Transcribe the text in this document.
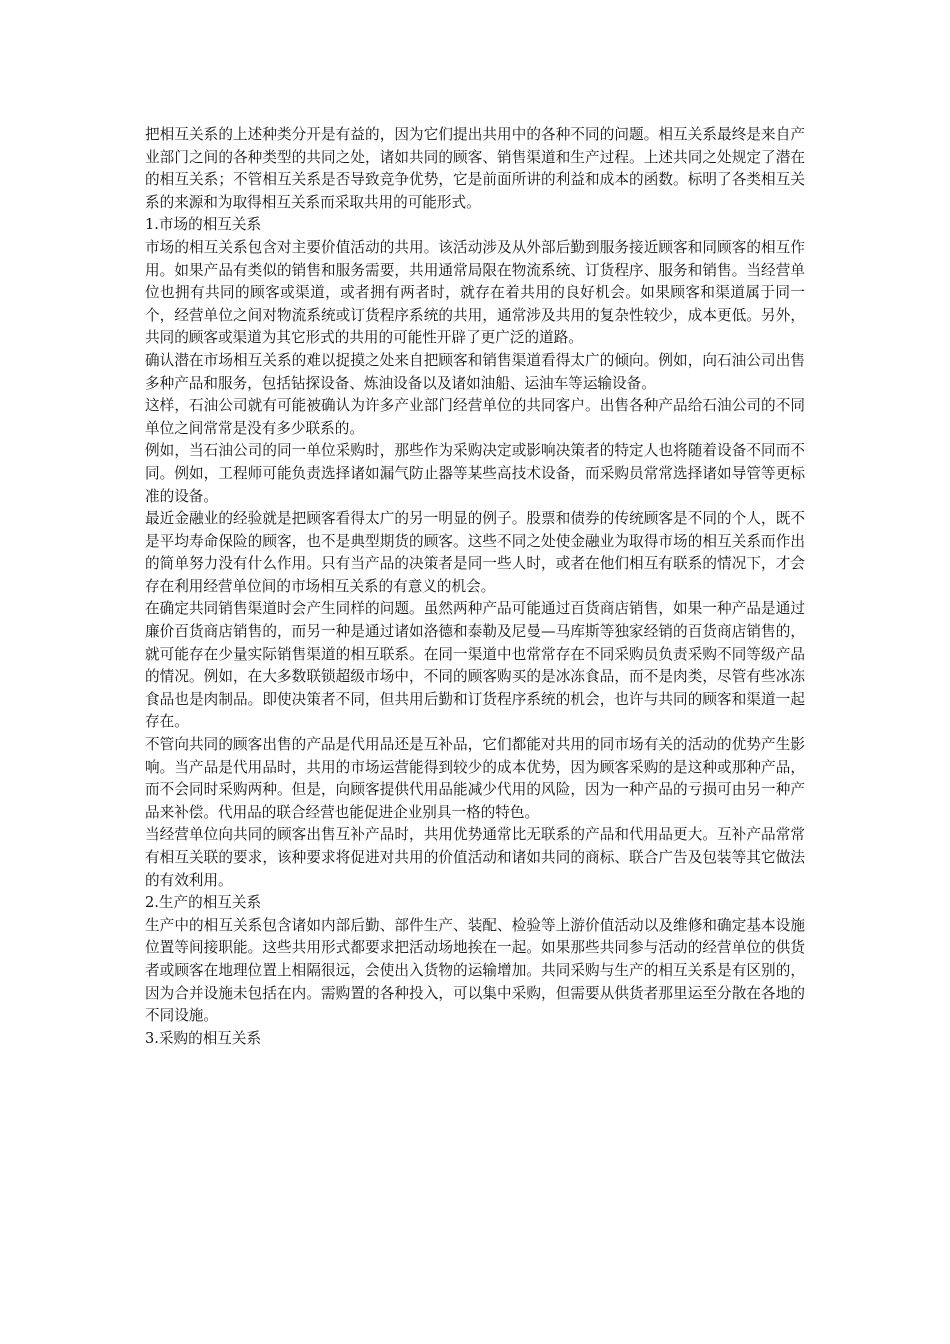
把相互关系的上述种类分开是有益的，因为它们提出共用中的各种不同的问题。相互关系最终是来自产业部门之间的各种类型的共同之处，诸如共同的顾客、销售渠道和生产过程。上述共同之处规定了潜在的相互关系；不管相互关系是否导致竞争优势，它是前面所讲的利益和成本的函数。标明了各类相互关系的来源和为取得相互关系而采取共用的可能形式。

1.市场的相互关系

市场的相互关系包含对主要价值活动的共用。该活动涉及从外部后勤到服务接近顾客和同顾客的相互作用。如果产品有类似的销售和服务需要，共用通常局限在物流系统、订货程序、服务和销售。当经营单位也拥有共同的顾客或渠道，或者拥有两者时，就存在着共用的良好机会。如果顾客和渠道属于同一个，经营单位之间对物流系统或订货程序系统的共用，通常涉及共用的复杂性较少，成本更低。另外，共同的顾客或渠道为其它形式的共用的可能性开辟了更广泛的道路。

确认潜在市场相互关系的难以捉摸之处来自把顾客和销售渠道看得太广的倾向。例如，向石油公司出售多种产品和服务，包括钻探设备、炼油设备以及诸如油船、运油车等运输设备。

这样，石油公司就有可能被确认为许多产业部门经营单位的共同客户。出售各种产品给石油公司的不同单位之间常常是没有多少联系的。

例如，当石油公司的同一单位采购时，那些作为采购决定或影响决策者的特定人也将随着设备不同而不同。例如，工程师可能负责选择诸如漏气防止器等某些高技术设备，而采购员常常选择诸如导管等更标准的设备。

最近金融业的经验就是把顾客看得太广的另一明显的例子。股票和债券的传统顾客是不同的个人，既不是平均寿命保险的顾客，也不是典型期货的顾客。这些不同之处使金融业为取得市场的相互关系而作出的简单努力没有什么作用。只有当产品的决策者是同一些人时，或者在他们相互有联系的情况下，才会存在利用经营单位间的市场相互关系的有意义的机会。

在确定共同销售渠道时会产生同样的问题。虽然两种产品可能通过百货商店销售，如果一种产品是通过廉价百货商店销售的，而另一种是通过诸如洛德和泰勒及尼曼—马库斯等独家经销的百货商店销售的，就可能存在少量实际销售渠道的相互联系。在同一渠道中也常常存在不同采购员负责采购不同等级产品的情况。例如，在大多数联锁超级市场中，不同的顾客购买的是冰冻食品，而不是肉类，尽管有些冰冻食品也是肉制品。即使决策者不同，但共用后勤和订货程序系统的机会，也许与共同的顾客和渠道一起存在。

不管向共同的顾客出售的产品是代用品还是互补品，它们都能对共用的同市场有关的活动的优势产生影响。当产品是代用品时，共用的市场运营能得到较少的成本优势，因为顾客采购的是这种或那种产品，而不会同时采购两种。但是，向顾客提供代用品能减少代用的风险，因为一种产品的亏损可由另一种产品来补偿。代用品的联合经营也能促进企业别具一格的特色。

当经营单位向共同的顾客出售互补产品时，共用优势通常比无联系的产品和代用品更大。互补产品常常有相互关联的要求，该种要求将促进对共用的价值活动和诸如共同的商标、联合广告及包装等其它做法的有效利用。

2.生产的相互关系

生产中的相互关系包含诸如内部后勤、部件生产、装配、检验等上游价值活动以及维修和确定基本设施位置等间接职能。这些共用形式都要求把活动场地挨在一起。如果那些共同参与活动的经营单位的供货者或顾客在地理位置上相隔很远，会使出入货物的运输增加。共同采购与生产的相互关系是有区别的，因为合并设施未包括在内。需购置的各种投入，可以集中采购，但需要从供货者那里运至分散在各地的不同设施。

3.采购的相互关系
